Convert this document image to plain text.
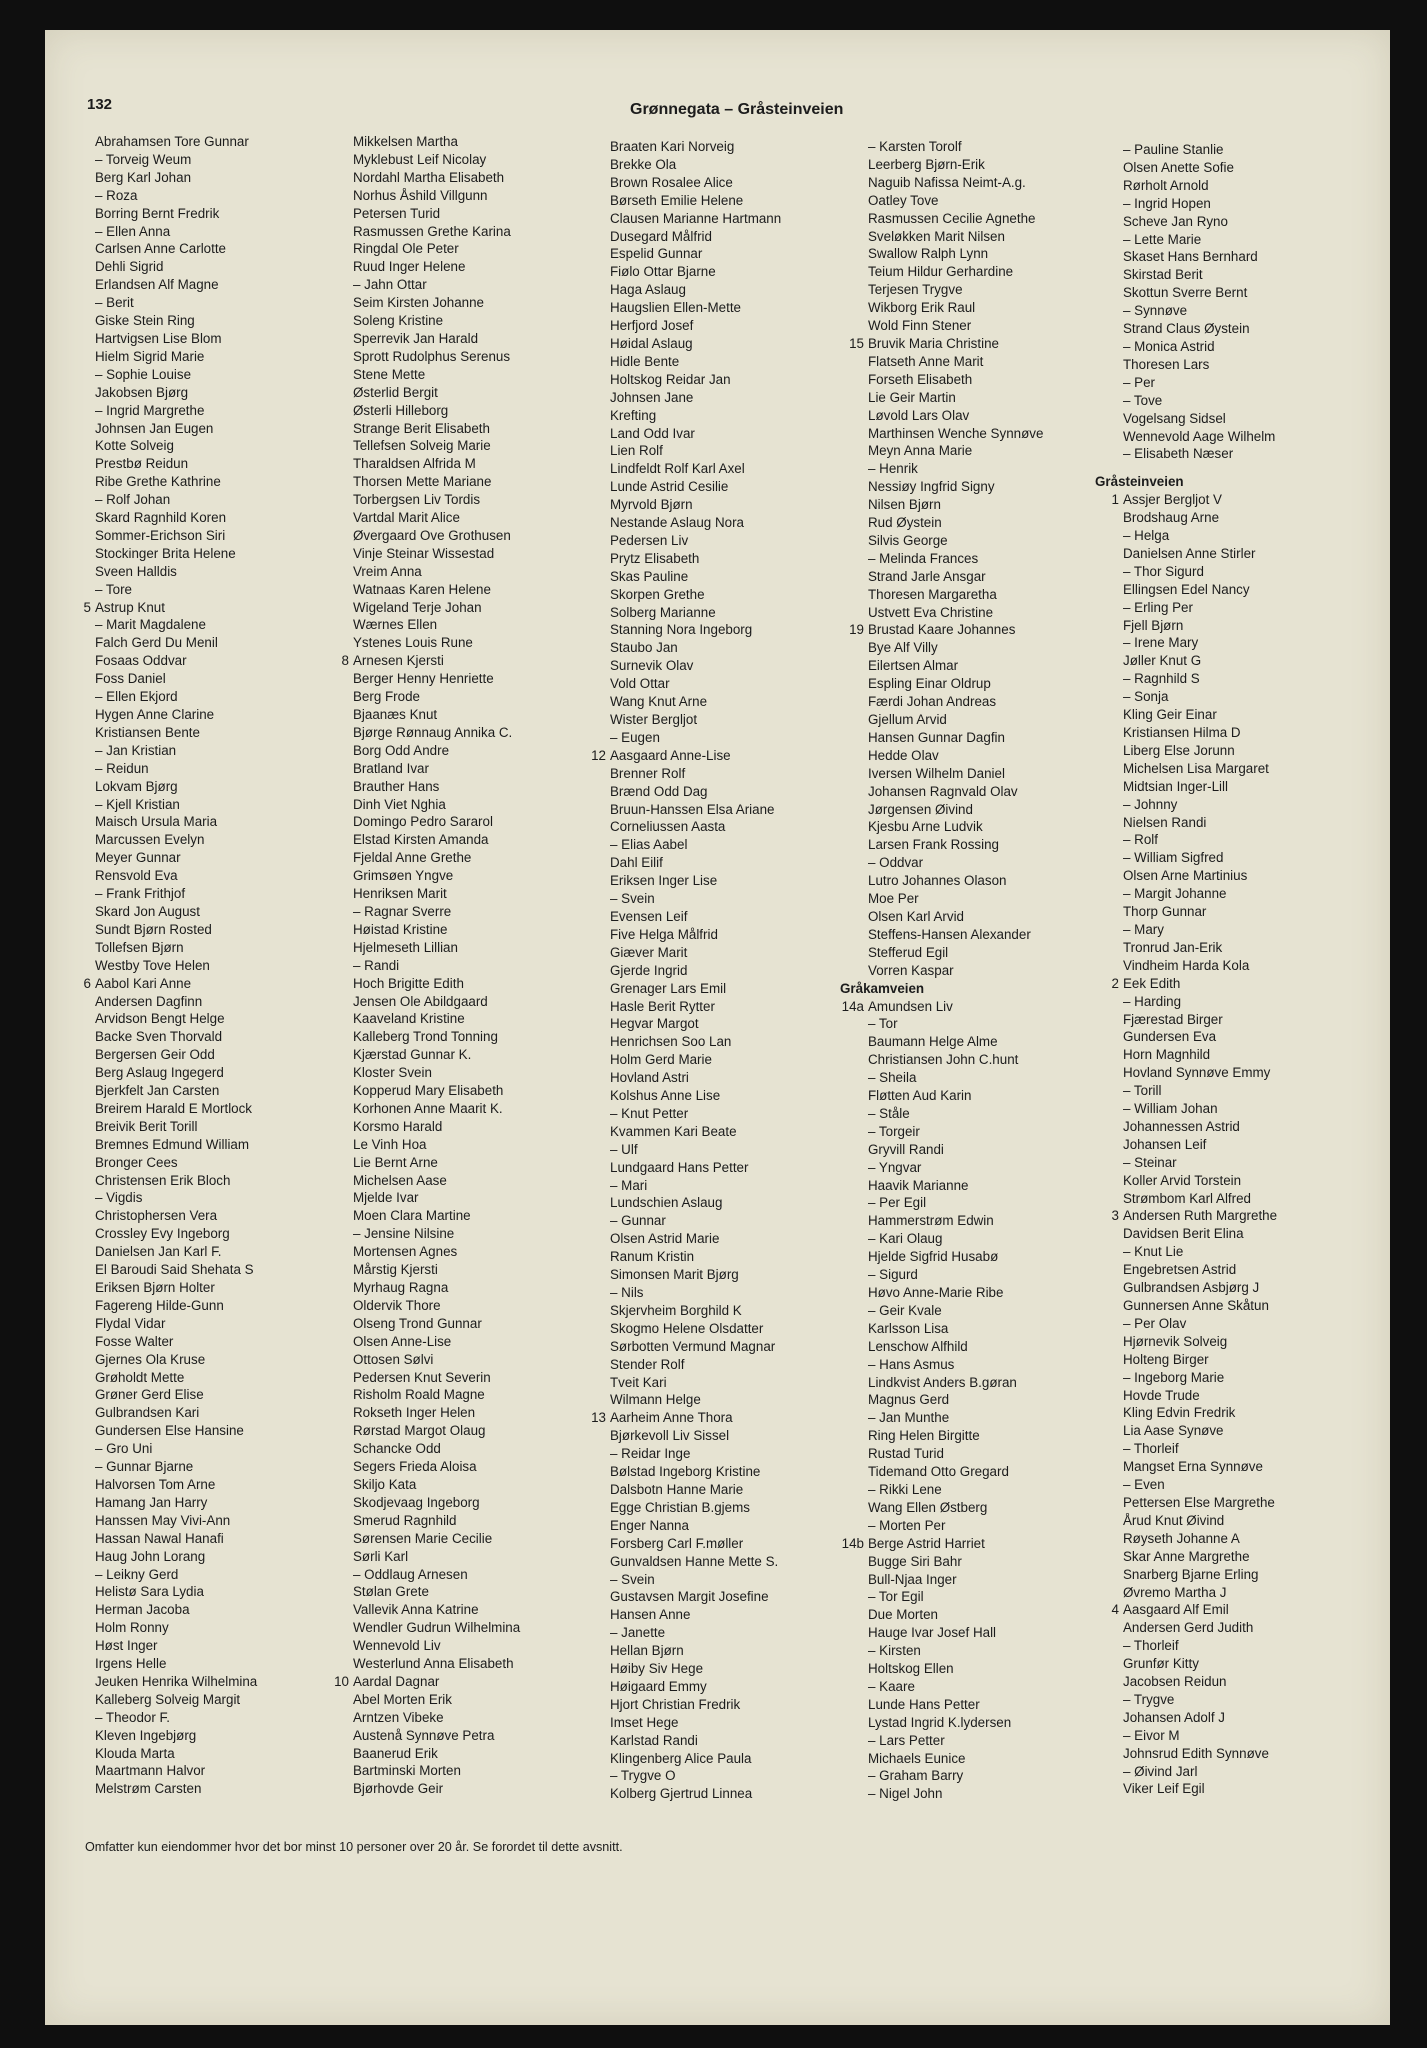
132	Grønnegata – Gråsteinveien
Abrahamsen Tore Gunnar
– Torveig Weum
Berg Karl Johan
– Roza
Borring Bernt Fredrik
– Ellen Anna
Carlsen Anne Carlotte
Dehli Sigrid
Erlandsen Alf Magne
– Berit
Giske Stein Ring
Hartvigsen Lise Blom
Hielm Sigrid Marie
– Sophie Louise
Jakobsen Bjørg
– Ingrid Margrethe
Johnsen Jan Eugen
Kotte Solveig
Prestbø Reidun
Ribe Grethe Kathrine
– Rolf Johan
Skard Ragnhild Koren
Sommer-Erichson Siri
Stockinger Brita Helene
Sveen Halldis
– Tore
5 Astrup Knut
– Marit Magdalene
Falch Gerd Du Menil
Fosaas Oddvar
Foss Daniel
– Ellen Ekjord
Hygen Anne Clarine
Kristiansen Bente
– Jan Kristian
– Reidun
Lokvam Bjørg
– Kjell Kristian
Maisch Ursula Maria
Marcussen Evelyn
Meyer Gunnar
Rensvold Eva
– Frank Frithjof
Skard Jon August
Sundt Bjørn Rosted
Tollefsen Bjørn
Westby Tove Helen
6 Aabol Kari Anne
Andersen Dagfinn
Arvidson Bengt Helge
Backe Sven Thorvald
Bergersen Geir Odd
Berg Aslaug Ingegerd
Bjerkfelt Jan Carsten
Breirem Harald E Mortlock
Breivik Berit Torill
Bremnes Edmund William
Bronger Cees
Christensen Erik Bloch
– Vigdis
Christophersen Vera
Crossley Evy Ingeborg
Danielsen Jan Karl F.
El Baroudi Said Shehata S
Eriksen Bjørn Holter
Fagereng Hilde-Gunn
Flydal Vidar
Fosse Walter
Gjernes Ola Kruse
Grøholdt Mette
Grøner Gerd Elise
Gulbrandsen Kari
Gundersen Else Hansine
– Gro Uni
– Gunnar Bjarne
Halvorsen Tom Arne
Hamang Jan Harry
Hanssen May Vivi-Ann
Hassan Nawal Hanafi
Haug John Lorang
– Leikny Gerd
Helistø Sara Lydia
Herman Jacoba
Holm Ronny
Høst Inger
Irgens Helle
Jeuken Henrika Wilhelmina
Kalleberg Solveig Margit
– Theodor F.
Kleven Ingebjørg
Klouda Marta
Maartmann Halvor
Melstrøm Carsten
Mikkelsen Martha
Myklebust Leif Nicolay
Nordahl Martha Elisabeth
Norhus Åshild Villgunn
Petersen Turid
Rasmussen Grethe Karina
Ringdal Ole Peter
Ruud Inger Helene
– Jahn Ottar
Seim Kirsten Johanne
Soleng Kristine
Sperrevik Jan Harald
Sprott Rudolphus Serenus
Stene Mette
Østerlid Bergit
Østerli Hilleborg
Strange Berit Elisabeth
Tellefsen Solveig Marie
Tharaldsen Alfrida M
Thorsen Mette Mariane
Torbergsen Liv Tordis
Vartdal Marit Alice
Øvergaard Ove Grothusen
Vinje Steinar Wissestad
Vreim Anna
Watnaas Karen Helene
Wigeland Terje Johan
Wærnes Ellen
Ystenes Louis Rune
8 Arnesen Kjersti
Berger Henny Henriette
Berg Frode
Bjaanæs Knut
Bjørge Rønnaug Annika C.
Borg Odd Andre
Bratland Ivar
Brauther Hans
Dinh Viet Nghia
Domingo Pedro Sararol
Elstad Kirsten Amanda
Fjeldal Anne Grethe
Grimsøen Yngve
Henriksen Marit
– Ragnar Sverre
Høistad Kristine
Hjelmeseth Lillian
– Randi
Hoch Brigitte Edith
Jensen Ole Abildgaard
Kaaveland Kristine
Kalleberg Trond Tonning
Kjærstad Gunnar K.
Kloster Svein
Kopperud Mary Elisabeth
Korhonen Anne Maarit K.
Korsmo Harald
Le Vinh Hoa
Lie Bernt Arne
Michelsen Aase
Mjelde Ivar
Moen Clara Martine
– Jensine Nilsine
Mortensen Agnes
Mårstig Kjersti
Myrhaug Ragna
Oldervik Thore
Olseng Trond Gunnar
Olsen Anne-Lise
Ottosen Sølvi
Pedersen Knut Severin
Risholm Roald Magne
Rokseth Inger Helen
Rørstad Margot Olaug
Schancke Odd
Segers Frieda Aloisa
Skiljo Kata
Skodjevaag Ingeborg
Smerud Ragnhild
Sørensen Marie Cecilie
Sørli Karl
– Oddlaug Arnesen
Stølan Grete
Vallevik Anna Katrine
Wendler Gudrun Wilhelmina
Wennevold Liv
Westerlund Anna Elisabeth
10 Aardal Dagnar
Abel Morten Erik
Arntzen Vibeke
Austenå Synnøve Petra
Baanerud Erik
Bartminski Morten
Bjørhovde Geir
Braaten Kari Norveig
Brekke Ola
Brown Rosalee Alice
Børseth Emilie Helene
Clausen Marianne Hartmann
Dusegard Målfrid
Espelid Gunnar
Fiølo Ottar Bjarne
Haga Aslaug
Haugslien Ellen-Mette
Herfjord Josef
Høidal Aslaug
Hidle Bente
Holtskog Reidar Jan
Johnsen Jane
Krefting
Land Odd Ivar
Lien Rolf
Lindfeldt Rolf Karl Axel
Lunde Astrid Cesilie
Myrvold Bjørn
Nestande Aslaug Nora
Pedersen Liv
Prytz Elisabeth
Skas Pauline
Skorpen Grethe
Solberg Marianne
Stanning Nora Ingeborg
Staubo Jan
Surnevik Olav
Vold Ottar
Wang Knut Arne
Wister Bergljot
– Eugen
12 Aasgaard Anne-Lise
Brenner Rolf
Brænd Odd Dag
Bruun-Hanssen Elsa Ariane
Corneliussen Aasta
– Elias Aabel
Dahl Eilif
Eriksen Inger Lise
– Svein
Evensen Leif
Five Helga Målfrid
Giæver Marit
Gjerde Ingrid
Grenager Lars Emil
Hasle Berit Rytter
Hegvar Margot
Henrichsen Soo Lan
Holm Gerd Marie
Hovland Astri
Kolshus Anne Lise
– Knut Petter
Kvammen Kari Beate
– Ulf
Lundgaard Hans Petter
– Mari
Lundschien Aslaug
– Gunnar
Olsen Astrid Marie
Ranum Kristin
Simonsen Marit Bjørg
– Nils
Skjervheim Borghild K
Skogmo Helene Olsdatter
Sørbotten Vermund Magnar
Stender Rolf
Tveit Kari
Wilmann Helge
13 Aarheim Anne Thora
Bjørkevoll Liv Sissel
– Reidar Inge
Bølstad Ingeborg Kristine
Dalsbotn Hanne Marie
Egge Christian B.gjems
Enger Nanna
Forsberg Carl F.møller
Gunvaldsen Hanne Mette S.
– Svein
Gustavsen Margit Josefine
Hansen Anne
– Janette
Hellan Bjørn
Høiby Siv Hege
Høigaard Emmy
Hjort Christian Fredrik
Imset Hege
Karlstad Randi
Klingenberg Alice Paula
– Trygve O
Kolberg Gjertrud Linnea
– Karsten Torolf
Leerberg Bjørn-Erik
Naguib Nafissa Neimt-A.g.
Oatley Tove
Rasmussen Cecilie Agnethe
Sveløkken Marit Nilsen
Swallow Ralph Lynn
Teium Hildur Gerhardine
Terjesen Trygve
Wikborg Erik Raul
Wold Finn Stener
15 Bruvik Maria Christine
Flatseth Anne Marit
Forseth Elisabeth
Lie Geir Martin
Løvold Lars Olav
Marthinsen Wenche Synnøve
Meyn Anna Marie
– Henrik
Nessiøy Ingfrid Signy
Nilsen Bjørn
Rud Øystein
Silvis George
– Melinda Frances
Strand Jarle Ansgar
Thoresen Margaretha
Ustvett Eva Christine
19 Brustad Kaare Johannes
Bye Alf Villy
Eilertsen Almar
Espling Einar Oldrup
Færdi Johan Andreas
Gjellum Arvid
Hansen Gunnar Dagfin
Hedde Olav
Iversen Wilhelm Daniel
Johansen Ragnvald Olav
Jørgensen Øivind
Kjesbu Arne Ludvik
Larsen Frank Rossing
– Oddvar
Lutro Johannes Olason
Moe Per
Olsen Karl Arvid
Steffens-Hansen Alexander
Stefferud Egil
Vorren Kaspar
Gråkamveien
14a Amundsen Liv
– Tor
Baumann Helge Alme
Christiansen John C.hunt
– Sheila
Fløtten Aud Karin
– Ståle
– Torgeir
Gryvill Randi
– Yngvar
Haavik Marianne
– Per Egil
Hammerstrøm Edwin
– Kari Olaug
Hjelde Sigfrid Husabø
– Sigurd
Høvo Anne-Marie Ribe
– Geir Kvale
Karlsson Lisa
Lenschow Alfhild
– Hans Asmus
Lindkvist Anders B.gøran
Magnus Gerd
– Jan Munthe
Ring Helen Birgitte
Rustad Turid
Tidemand Otto Gregard
– Rikki Lene
Wang Ellen Østberg
– Morten Per
14b Berge Astrid Harriet
Bugge Siri Bahr
Bull-Njaa Inger
– Tor Egil
Due Morten
Hauge Ivar Josef Hall
– Kirsten
Holtskog Ellen
– Kaare
Lunde Hans Petter
Lystad Ingrid K.lydersen
– Lars Petter
Michaels Eunice
– Graham Barry
– Nigel John
– Pauline Stanlie
Olsen Anette Sofie
Rørholt Arnold
– Ingrid Hopen
Scheve Jan Ryno
– Lette Marie
Skaset Hans Bernhard
Skirstad Berit
Skottun Sverre Bernt
– Synnøve
Strand Claus Øystein
– Monica Astrid
Thoresen Lars
– Per
– Tove
Vogelsang Sidsel
Wennevold Aage Wilhelm
– Elisabeth Næser
Gråsteinveien
1 Assjer Bergljot V
Brodshaug Arne
– Helga
Danielsen Anne Stirler
– Thor Sigurd
Ellingsen Edel Nancy
– Erling Per
Fjell Bjørn
– Irene Mary
Jøller Knut G
– Ragnhild S
– Sonja
Kling Geir Einar
Kristiansen Hilma D
Liberg Else Jorunn
Michelsen Lisa Margaret
Midtsian Inger-Lill
– Johnny
Nielsen Randi
– Rolf
– William Sigfred
Olsen Arne Martinius
– Margit Johanne
Thorp Gunnar
– Mary
Tronrud Jan-Erik
Vindheim Harda Kola
2 Eek Edith
– Harding
Fjærestad Birger
Gundersen Eva
Horn Magnhild
Hovland Synnøve Emmy
– Torill
– William Johan
Johannessen Astrid
Johansen Leif
– Steinar
Koller Arvid Torstein
Strømbom Karl Alfred
3 Andersen Ruth Margrethe
Davidsen Berit Elina
– Knut Lie
Engebretsen Astrid
Gulbrandsen Asbjørg J
Gunnersen Anne Skåtun
– Per Olav
Hjørnevik Solveig
Holteng Birger
– Ingeborg Marie
Hovde Trude
Kling Edvin Fredrik
Lia Aase Synøve
– Thorleif
Mangset Erna Synnøve
– Even
Pettersen Else Margrethe
Årud Knut Øivind
Røyseth Johanne A
Skar Anne Margrethe
Snarberg Bjarne Erling
Øvremo Martha J
4 Aasgaard Alf Emil
Andersen Gerd Judith
– Thorleif
Grunfør Kitty
Jacobsen Reidun
– Trygve
Johansen Adolf J
– Eivor M
Johnsrud Edith Synnøve
– Øivind Jarl
Viker Leif Egil
Omfatter kun eiendommer hvor det bor minst 10 personer over 20 år. Se forordet til dette avsnitt.
